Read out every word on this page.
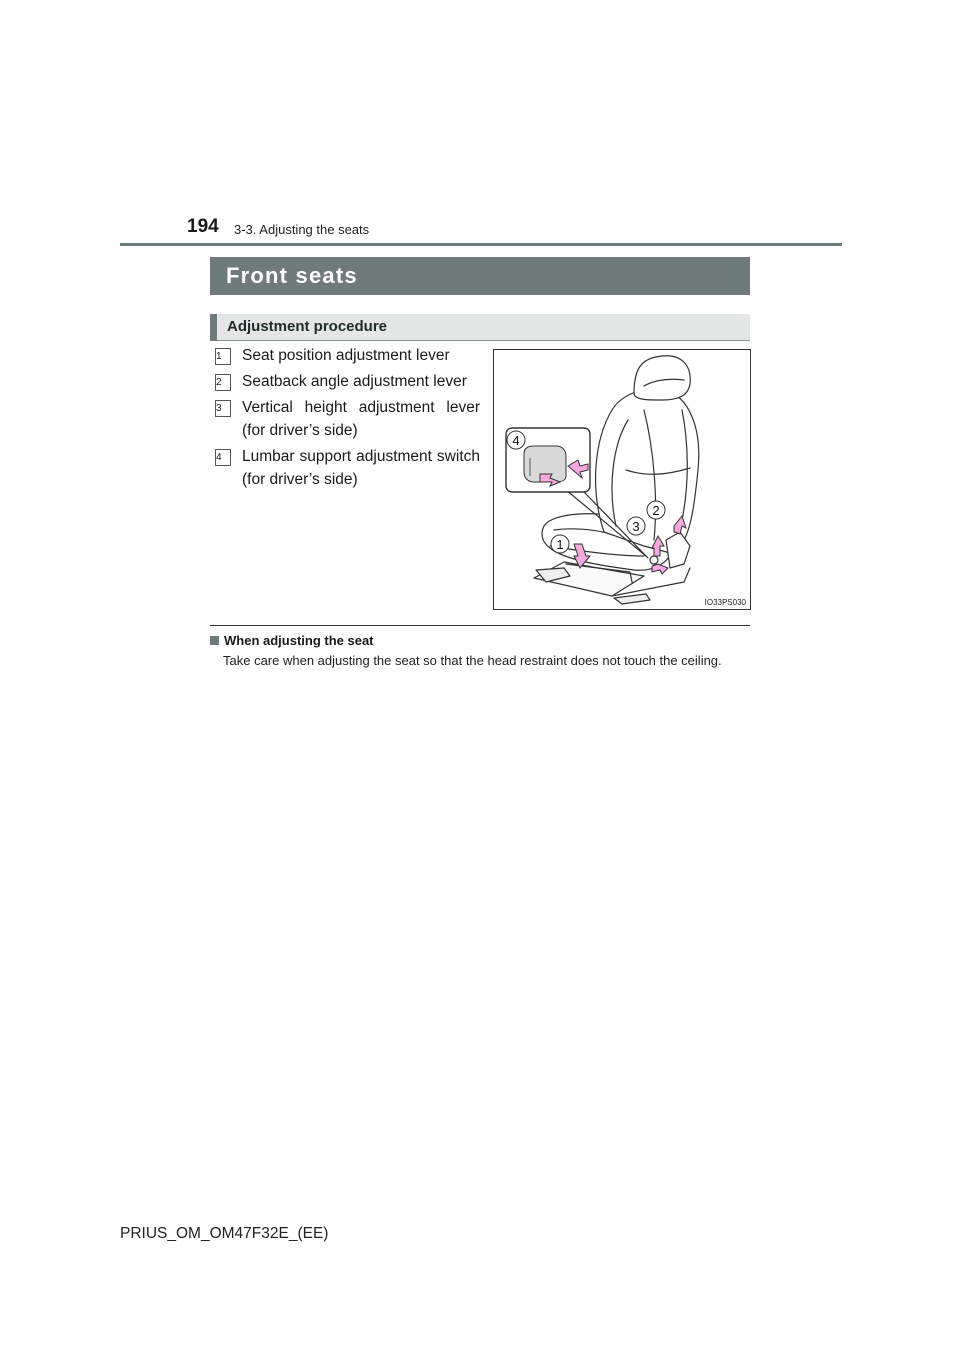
194 3-3. Adjusting the seats
Front seats
Adjustment procedure
1	Seat position adjustment lever
2	Seatback angle adjustment lever
3	Vertical height adjustment lever (for driver’s side)
4	Lumbar support adjustment switch (for driver’s side)
4
2
3
1
IO33PS030
When adjusting the seat
Take care when adjusting the seat so that the head restraint does not touch the ceiling.
PRIUS_OM_OM47F32E_(EE)
